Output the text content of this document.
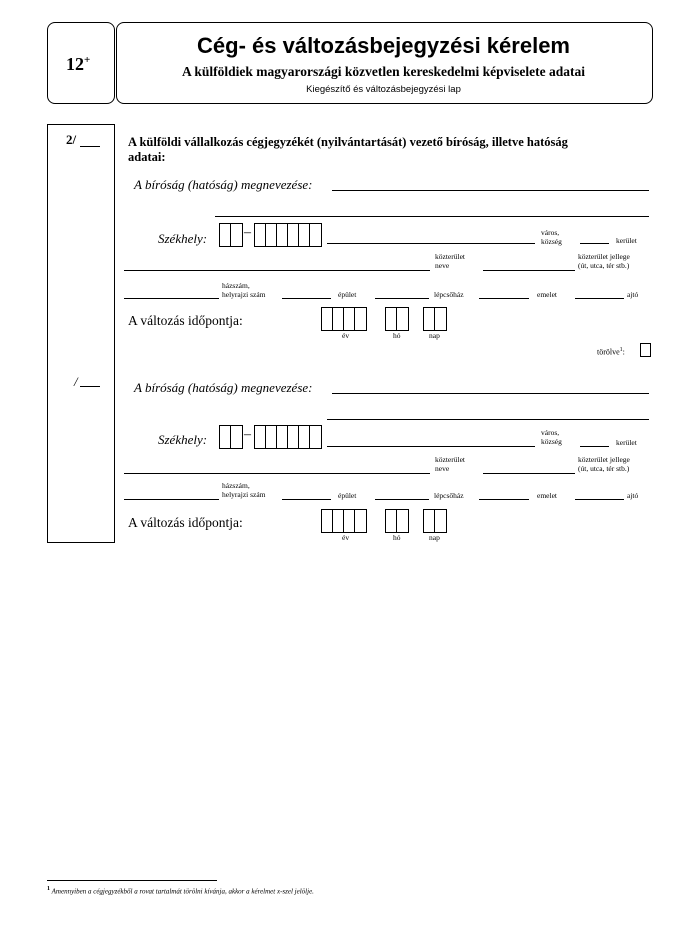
12+
Cég- és változásbejegyzési kérelem
A külföldiek magyarországi közvetlen kereskedelmi képviselete adatai
Kiegészítő és változásbejegyzési lap
2/
/
A külföldi vállalkozás cégjegyzékét (nyilvántartását) vezető bíróság, illetve hatóság
adatai:
A bíróság (hatóság) megnevezése:
Székhely:	–	város,
község	kerület
közterület
neve
közterület jellege
(út, utca, tér stb.)
házszám,
helyrajzi szám	épület	lépcsőház	emelet	ajtó
A változás időpontja:
év	hó	nap
törölve$^1$:
A bíróság (hatóság) megnevezése:
Székhely:	–	város,
község	kerület
közterület
neve
közterület jellege
(út, utca, tér stb.)
házszám,
helyrajzi szám	épület	lépcsőház	emelet	ajtó
A változás időpontja:
év	hó	nap
$^1$ Amennyiben a cégjegyzékből a rovat tartalmát törölni kívánja, akkor a kérelmet x-szel jelölje.
